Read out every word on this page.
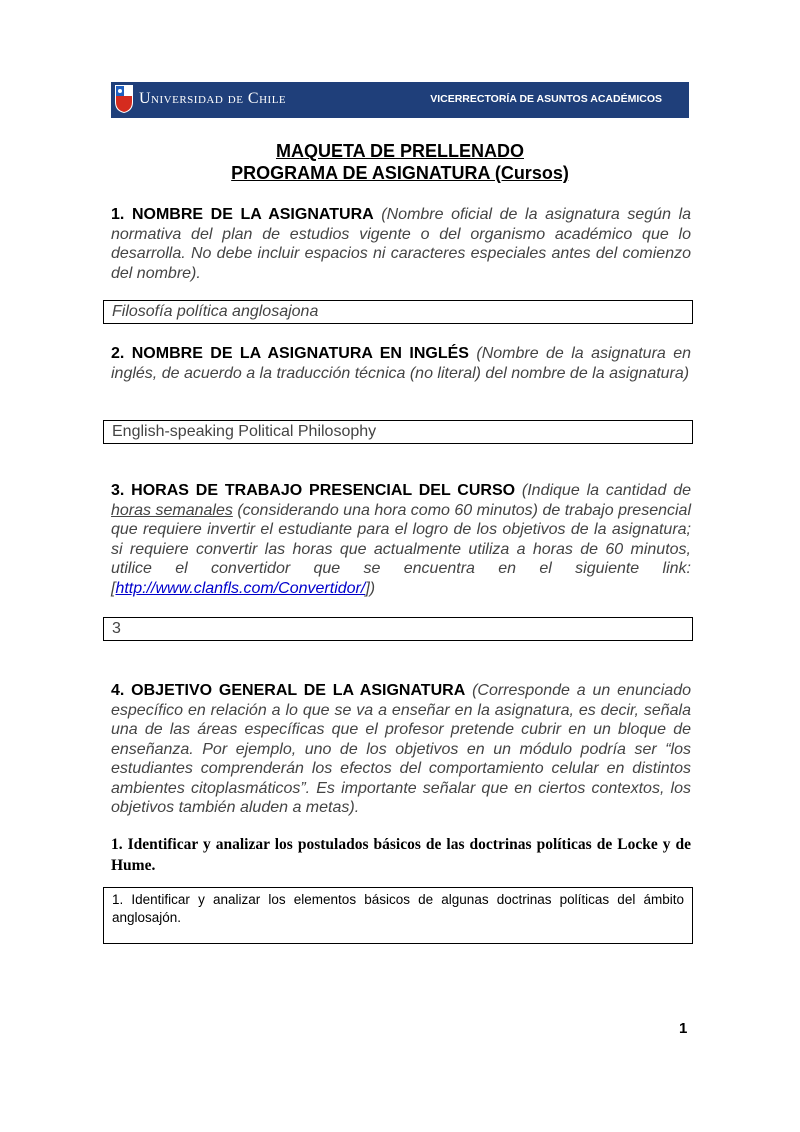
Universidad de Chile	VICERRECTORÍA DE ASUNTOS ACADÉMICOS
MAQUETA DE PRELLENADO
PROGRAMA DE ASIGNATURA (Cursos)
1. NOMBRE DE LA ASIGNATURA (Nombre oficial de la asignatura según la normativa del plan de estudios vigente o del organismo académico que lo desarrolla. No debe incluir espacios ni caracteres especiales antes del comienzo del nombre).
Filosofía política anglosajona
2. NOMBRE DE LA ASIGNATURA EN INGLÉS (Nombre de la asignatura en inglés, de acuerdo a la traducción técnica (no literal) del nombre de la asignatura)
English-speaking Political Philosophy
3. HORAS DE TRABAJO PRESENCIAL DEL CURSO (Indique la cantidad de horas semanales (considerando una hora como 60 minutos) de trabajo presencial que requiere invertir el estudiante para el logro de los objetivos de la asignatura; si requiere convertir las horas que actualmente utiliza a horas de 60 minutos, utilice el convertidor que se encuentra en el siguiente link: [http://www.clanfls.com/Convertidor/])
3
4. OBJETIVO GENERAL DE LA ASIGNATURA (Corresponde a un enunciado específico en relación a lo que se va a enseñar en la asignatura, es decir, señala una de las áreas específicas que el profesor pretende cubrir en un bloque de enseñanza. Por ejemplo, uno de los objetivos en un módulo podría ser “los estudiantes comprenderán los efectos del comportamiento celular en distintos ambientes citoplasmáticos”. Es importante señalar que en ciertos contextos, los objetivos también aluden a metas).
1. Identificar y analizar los postulados básicos de las doctrinas políticas de Locke y de Hume.
1. Identificar y analizar los elementos básicos de algunas doctrinas políticas del ámbito anglosajón.
1
